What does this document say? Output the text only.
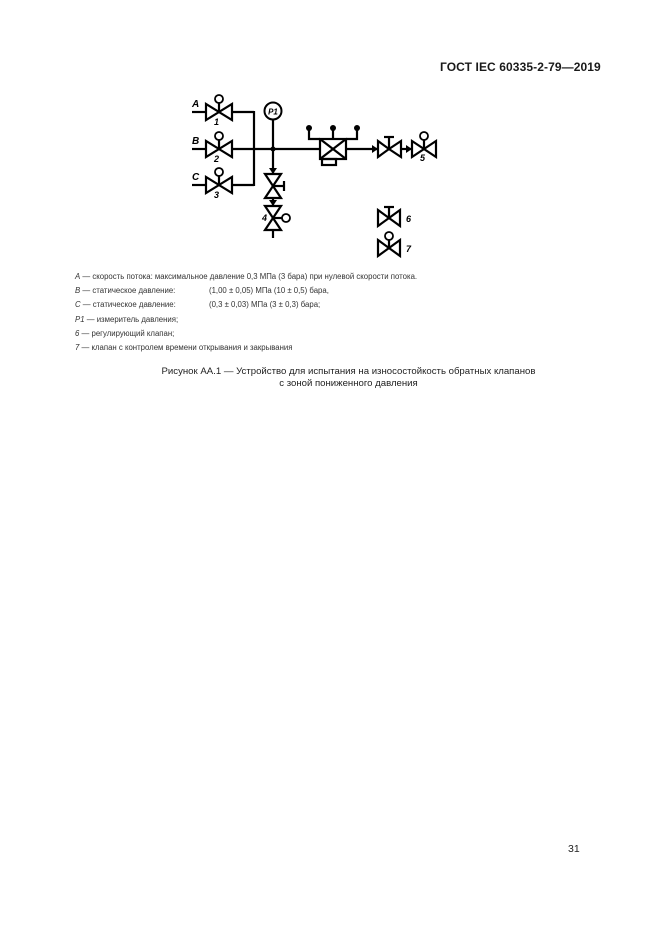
ГОСТ IEC 60335-2-79—2019
P1
1
A
2
B
3
C
4
5
6
7
A — скорость потока: максимальное давление 0,3 МПа (3 бара) при нулевой скорости потока.
B — статическое давление:	(1,00 ± 0,05) МПа (10 ± 0,5) бара,
C — статическое давление:	(0,3 ± 0,03) МПа (3 ± 0,3) бара;
P1 — измеритель давления;
6 — регулирующий клапан;
7 — клапан с контролем времени открывания и закрывания
Рисунок АА.1 — Устройство для испытания на износостойкость обратных клапанов
с зоной пониженного давления
31
